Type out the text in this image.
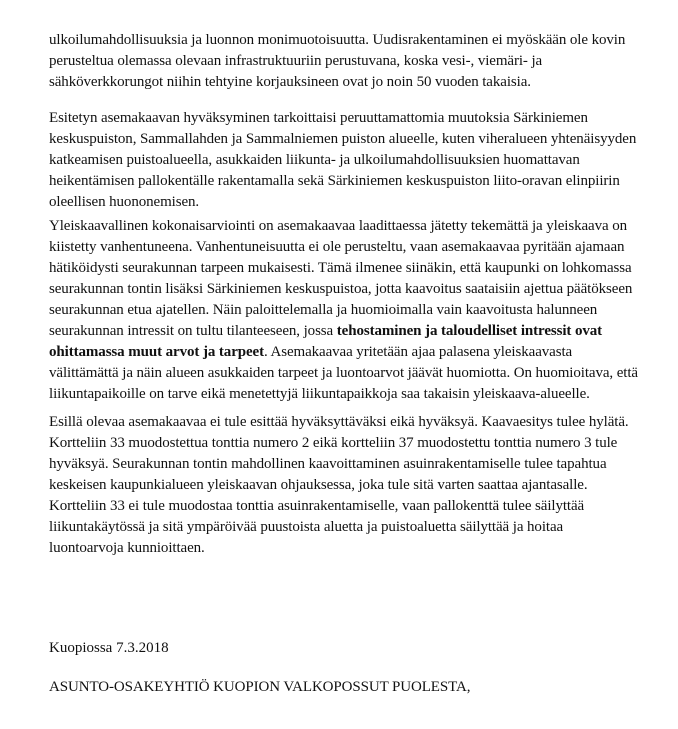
ulkoilumahdollisuuksia ja luonnon monimuotoisuutta. Uudisrakentaminen ei myöskään ole kovin
perusteltua olemassa olevaan infrastruktuuriin perustuvana, koska vesi-, viemäri- ja
sähköverkkorungot niihin tehtyine korjauksineen ovat jo noin 50 vuoden takaisia.

Esitetyn asemakaavan hyväksyminen tarkoittaisi peruuttamattomia muutoksia Särkiniemen
keskuspuiston, Sammallahden ja Sammalniemen puiston alueelle, kuten viheralueen yhtenäisyyden
katkeamisen puistoalueella, asukkaiden liikunta- ja ulkoilumahdollisuuksien huomattavan
heikentämisen pallokentälle rakentamalla sekä Särkiniemen keskuspuiston liito-oravan elinpiirin
oleellisen huononemisen.

Yleiskaavallinen kokonaisarviointi on asemakaavaa laadittaessa jätetty tekemättä ja yleiskaava on
kiistetty vanhentuneena. Vanhentuneisuutta ei ole perusteltu, vaan asemakaavaa pyritään ajamaan
hätiköidysti seurakunnan tarpeen mukaisesti. Tämä ilmenee siinäkin, että kaupunki on lohkomassa
seurakunnan tontin lisäksi Särkiniemen keskuspuistoa, jotta kaavoitus saataisiin ajettua päätökseen
seurakunnan etua ajatellen. Näin paloittelemalla ja huomioimalla vain kaavoitusta halunneen
seurakunnan intressit on tultu tilanteeseen, jossa tehostaminen ja taloudelliset intressit ovat
ohittamassa muut arvot ja tarpeet. Asemakaavaa yritetään ajaa palasena yleiskaavasta
välittämättä ja näin alueen asukkaiden tarpeet ja luontoarvot jäävät huomiotta. On huomioitava, että
liikuntapaikoille on tarve eikä menetettyjä liikuntapaikkoja saa takaisin yleiskaava-alueelle.

Esillä olevaa asemakaavaa ei tule esittää hyväksyttäväksi eikä hyväksyä. Kaavaesitys tulee hylätä.
Kortteliin 33 muodostettua tonttia numero 2 eikä kortteliin 37 muodostettu tonttia numero 3 tule
hyväksyä. Seurakunnan tontin mahdollinen kaavoittaminen asuinrakentamiselle tulee tapahtua
keskeisen kaupunkialueen yleiskaavan ohjauksessa, joka tule sitä varten saattaa ajantasalle.
Kortteliin 33 ei tule muodostaa tonttia asuinrakentamiselle, vaan pallokenttä tulee säilyttää
liikuntakäytössä ja sitä ympäröivää puustoista aluetta ja puistoaluetta säilyttää ja hoitaa
luontoarvoja kunnioittaen.

Kuopiossa 7.3.2018

ASUNTO-OSAKEYHTIÖ KUOPION VALKOPOSSUT PUOLESTA,
